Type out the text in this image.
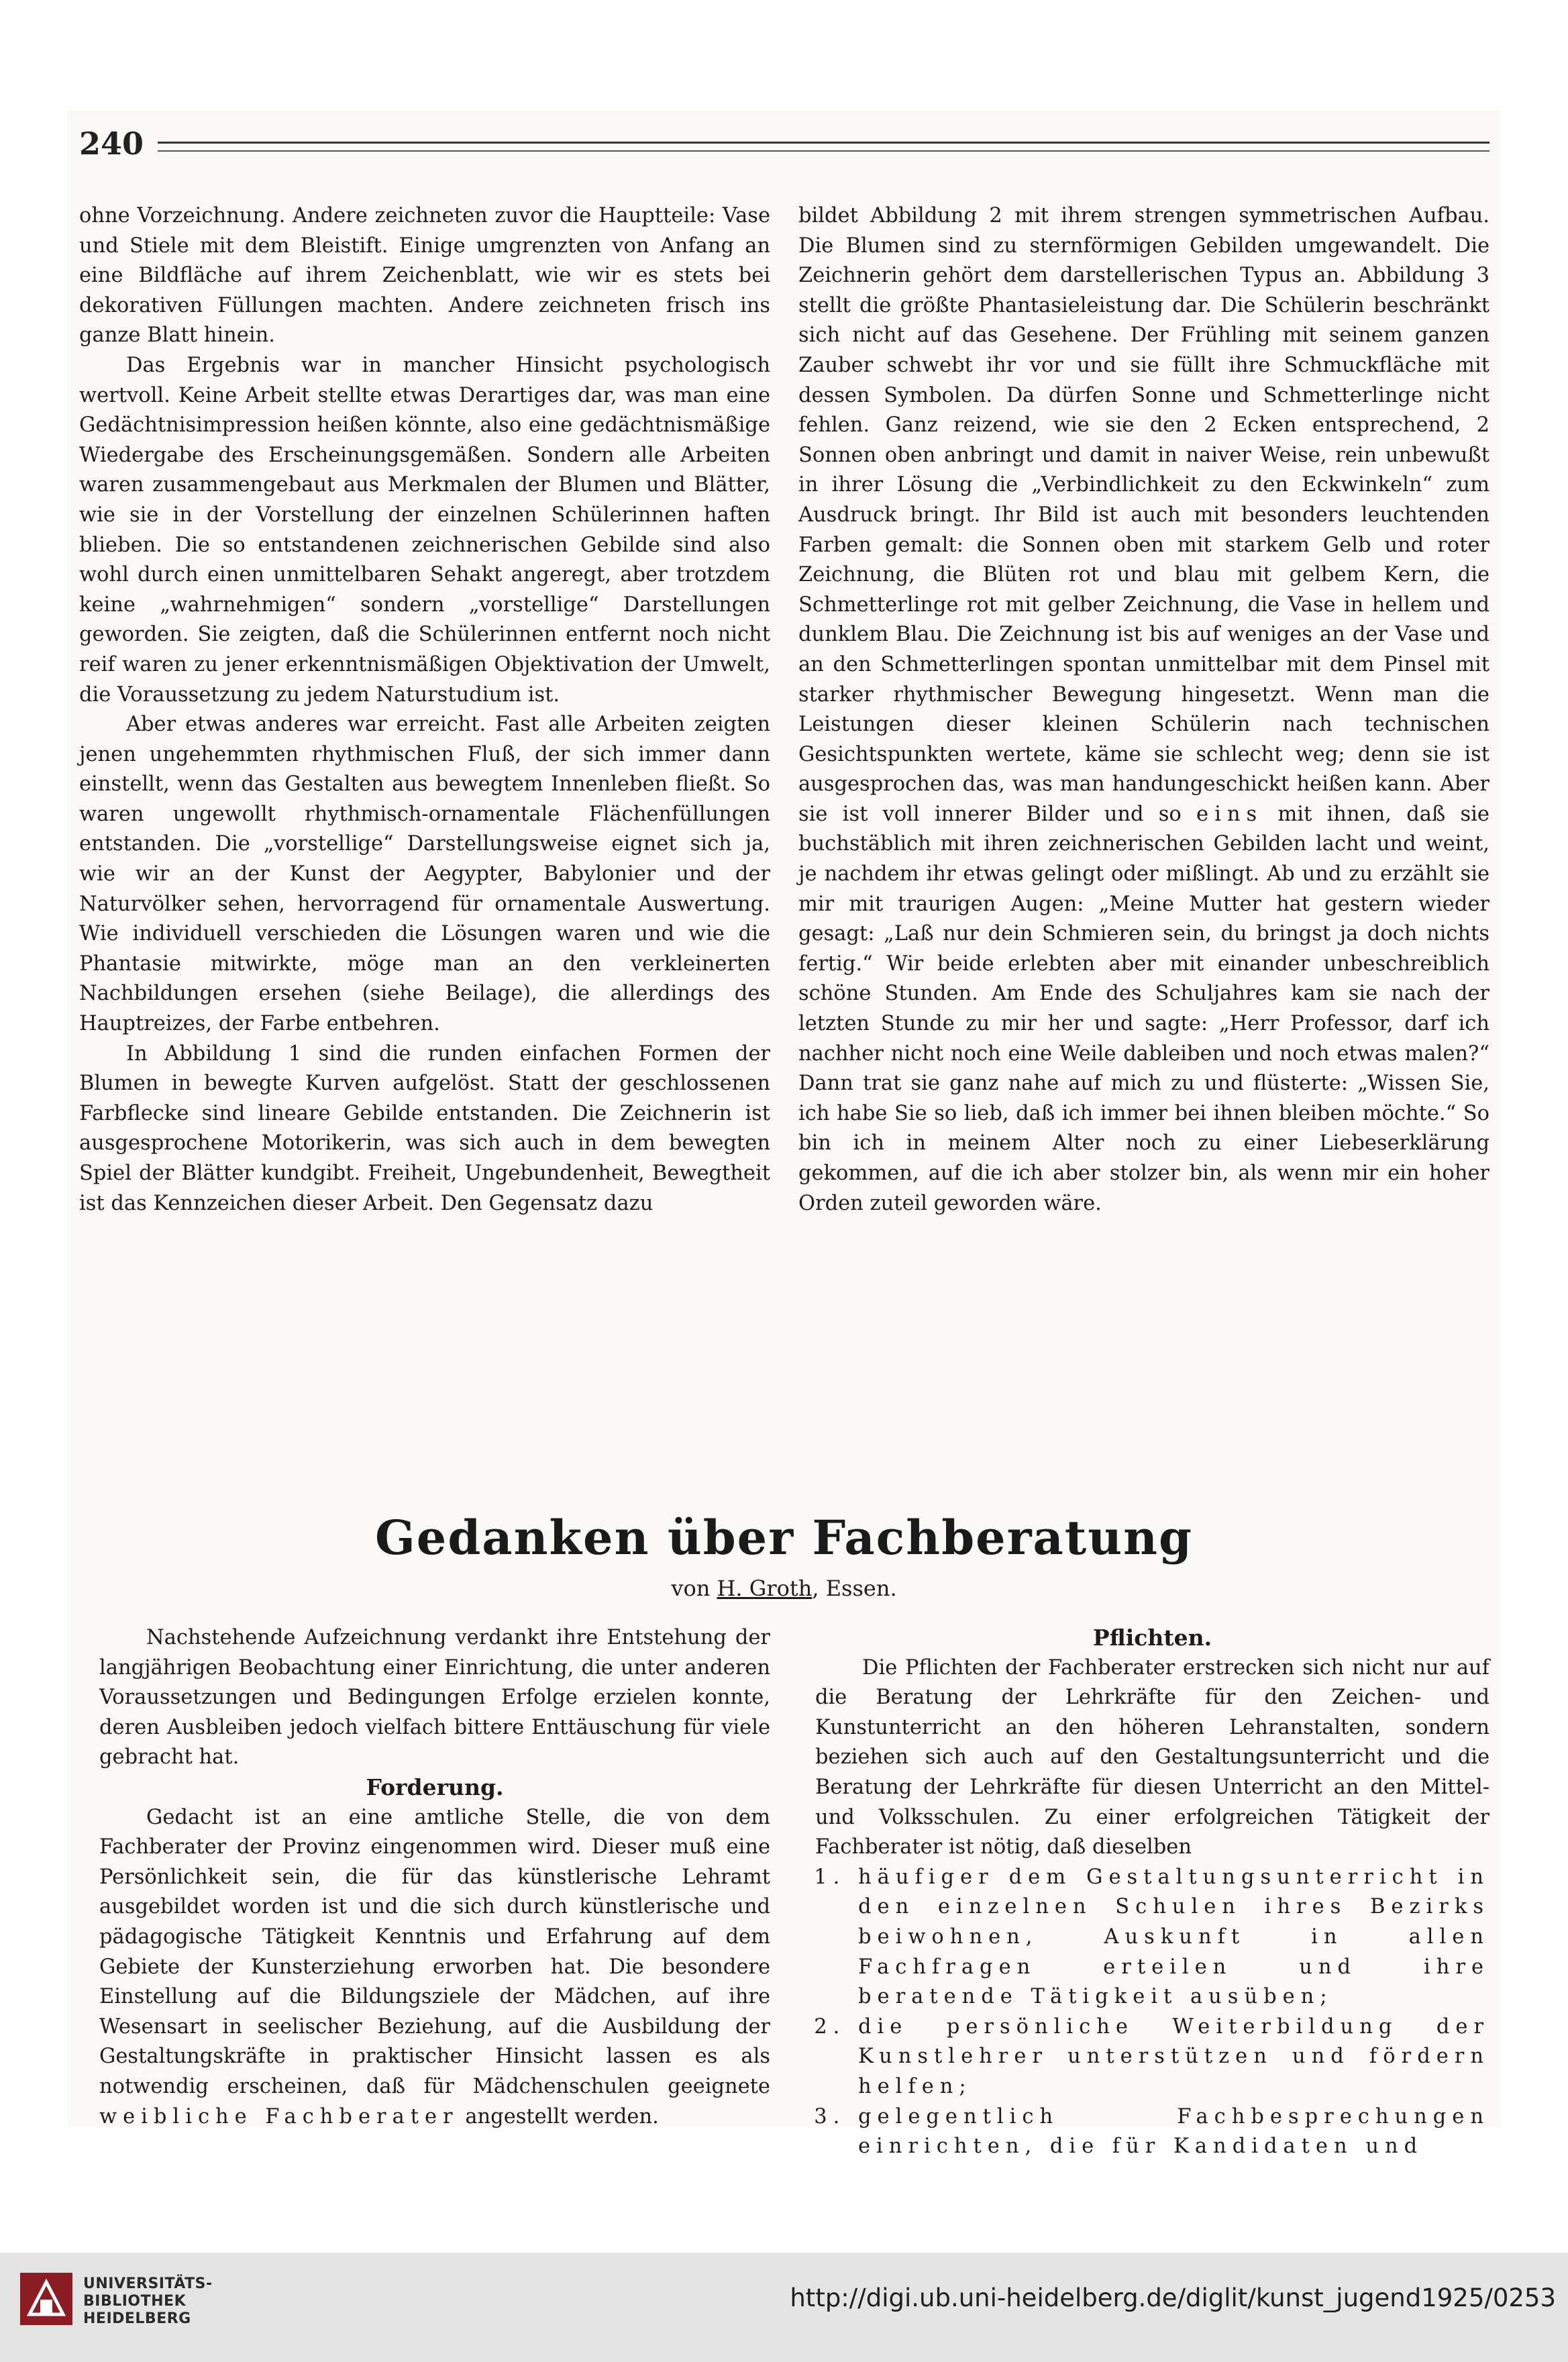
240

ohne Vorzeichnung. Andere zeichneten zuvor die Hauptteile: Vase und Stiele mit dem Bleistift. Einige umgrenzten von Anfang an eine Bildfläche auf ihrem Zeichenblatt, wie wir es stets bei dekorativen Füllungen machten. Andere zeichneten frisch ins ganze Blatt hinein.

Das Ergebnis war in mancher Hinsicht psychologisch wertvoll. Keine Arbeit stellte etwas Derartiges dar, was man eine Gedächtnisimpression heißen könnte, also eine gedächtnismäßige Wiedergabe des Erscheinungsgemäßen. Sondern alle Arbeiten waren zusammengebaut aus Merkmalen der Blumen und Blätter, wie sie in der Vorstellung der einzelnen Schülerinnen haften blieben. Die so entstandenen zeichnerischen Gebilde sind also wohl durch einen unmittelbaren Sehakt angeregt, aber trotzdem keine „wahrnehmigen“ sondern „vorstellige“ Darstellungen geworden. Sie zeigten, daß die Schülerinnen entfernt noch nicht reif waren zu jener erkenntnismäßigen Objektivation der Umwelt, die Voraussetzung zu jedem Naturstudium ist.

Aber etwas anderes war erreicht. Fast alle Arbeiten zeigten jenen ungehemmten rhythmischen Fluß, der sich immer dann einstellt, wenn das Gestalten aus bewegtem Innenleben fließt. So waren ungewollt rhythmisch-ornamentale Flächenfüllungen entstanden. Die „vorstellige“ Darstellungsweise eignet sich ja, wie wir an der Kunst der Aegypter, Babylonier und der Naturvölker sehen, hervorragend für ornamentale Auswertung. Wie individuell verschieden die Lösungen waren und wie die Phantasie mitwirkte, möge man an den verkleinerten Nachbildungen ersehen (siehe Beilage), die allerdings des Hauptreizes, der Farbe entbehren.

In Abbildung 1 sind die runden einfachen Formen der Blumen in bewegte Kurven aufgelöst. Statt der geschlossenen Farbflecke sind lineare Gebilde entstanden. Die Zeichnerin ist ausgesprochene Motorikerin, was sich auch in dem bewegten Spiel der Blätter kundgibt. Freiheit, Ungebundenheit, Bewegtheit ist das Kennzeichen dieser Arbeit. Den Gegensatz dazu

bildet Abbildung 2 mit ihrem strengen symmetrischen Aufbau. Die Blumen sind zu sternförmigen Gebilden umgewandelt. Die Zeichnerin gehört dem darstellerischen Typus an. Abbildung 3 stellt die größte Phantasieleistung dar. Die Schülerin beschränkt sich nicht auf das Gesehene. Der Frühling mit seinem ganzen Zauber schwebt ihr vor und sie füllt ihre Schmuckfläche mit dessen Symbolen. Da dürfen Sonne und Schmetterlinge nicht fehlen. Ganz reizend, wie sie den 2 Ecken entsprechend, 2 Sonnen oben anbringt und damit in naiver Weise, rein unbewußt in ihrer Lösung die „Verbindlichkeit zu den Eckwinkeln“ zum Ausdruck bringt. Ihr Bild ist auch mit besonders leuchtenden Farben gemalt: die Sonnen oben mit starkem Gelb und roter Zeichnung, die Blüten rot und blau mit gelbem Kern, die Schmetterlinge rot mit gelber Zeichnung, die Vase in hellem und dunklem Blau. Die Zeichnung ist bis auf weniges an der Vase und an den Schmetterlingen spontan unmittelbar mit dem Pinsel mit starker rhythmischer Bewegung hingesetzt. Wenn man die Leistungen dieser kleinen Schülerin nach technischen Gesichtspunkten wertete, käme sie schlecht weg; denn sie ist ausgesprochen das, was man handungeschickt heißen kann. Aber sie ist voll innerer Bilder und so eins mit ihnen, daß sie buchstäblich mit ihren zeichnerischen Gebilden lacht und weint, je nachdem ihr etwas gelingt oder mißlingt. Ab und zu erzählt sie mir mit traurigen Augen: „Meine Mutter hat gestern wieder gesagt: „Laß nur dein Schmieren sein, du bringst ja doch nichts fertig.“ Wir beide erlebten aber mit einander unbeschreiblich schöne Stunden. Am Ende des Schuljahres kam sie nach der letzten Stunde zu mir her und sagte: „Herr Professor, darf ich nachher nicht noch eine Weile dableiben und noch etwas malen?“ Dann trat sie ganz nahe auf mich zu und flüsterte: „Wissen Sie, ich habe Sie so lieb, daß ich immer bei ihnen bleiben möchte.“ So bin ich in meinem Alter noch zu einer Liebeserklärung gekommen, auf die ich aber stolzer bin, als wenn mir ein hoher Orden zuteil geworden wäre.

Gedanken über Fachberatung
von H. Groth, Essen.

Nachstehende Aufzeichnung verdankt ihre Entstehung der langjährigen Beobachtung einer Einrichtung, die unter anderen Voraussetzungen und Bedingungen Erfolge erzielen konnte, deren Ausbleiben jedoch vielfach bittere Enttäuschung für viele gebracht hat.

Forderung.

Gedacht ist an eine amtliche Stelle, die von dem Fachberater der Provinz eingenommen wird. Dieser muß eine Persönlichkeit sein, die für das künstlerische Lehramt ausgebildet worden ist und die sich durch künstlerische und pädagogische Tätigkeit Kenntnis und Erfahrung auf dem Gebiete der Kunsterziehung erworben hat. Die besondere Einstellung auf die Bildungsziele der Mädchen, auf ihre Wesensart in seelischer Beziehung, auf die Ausbildung der Gestaltungskräfte in praktischer Hinsicht lassen es als notwendig erscheinen, daß für Mädchenschulen geeignete weibliche Fachberater angestellt werden.

Pflichten.

Die Pflichten der Fachberater erstrecken sich nicht nur auf die Beratung der Lehrkräfte für den Zeichen- und Kunstunterricht an den höheren Lehranstalten, sondern beziehen sich auch auf den Gestaltungsunterricht und die Beratung der Lehrkräfte für diesen Unterricht an den Mittel- und Volksschulen. Zu einer erfolgreichen Tätigkeit der Fachberater ist nötig, daß dieselben

1. häufiger dem Gestaltungsunterricht in den einzelnen Schulen ihres Bezirks beiwohnen, Auskunft in allen Fachfragen erteilen und ihre beratende Tätigkeit ausüben;
2. die persönliche Weiterbildung der Kunstlehrer unterstützen und fördern helfen;
3. gelegentlich Fachbesprechungen einrichten, die für Kandidaten und
UNIVERSITÄTS-
BIBLIOTHEK
HEIDELBERG
http://digi.ub.uni-heidelberg.de/diglit/kunst_jugend1925/0253
